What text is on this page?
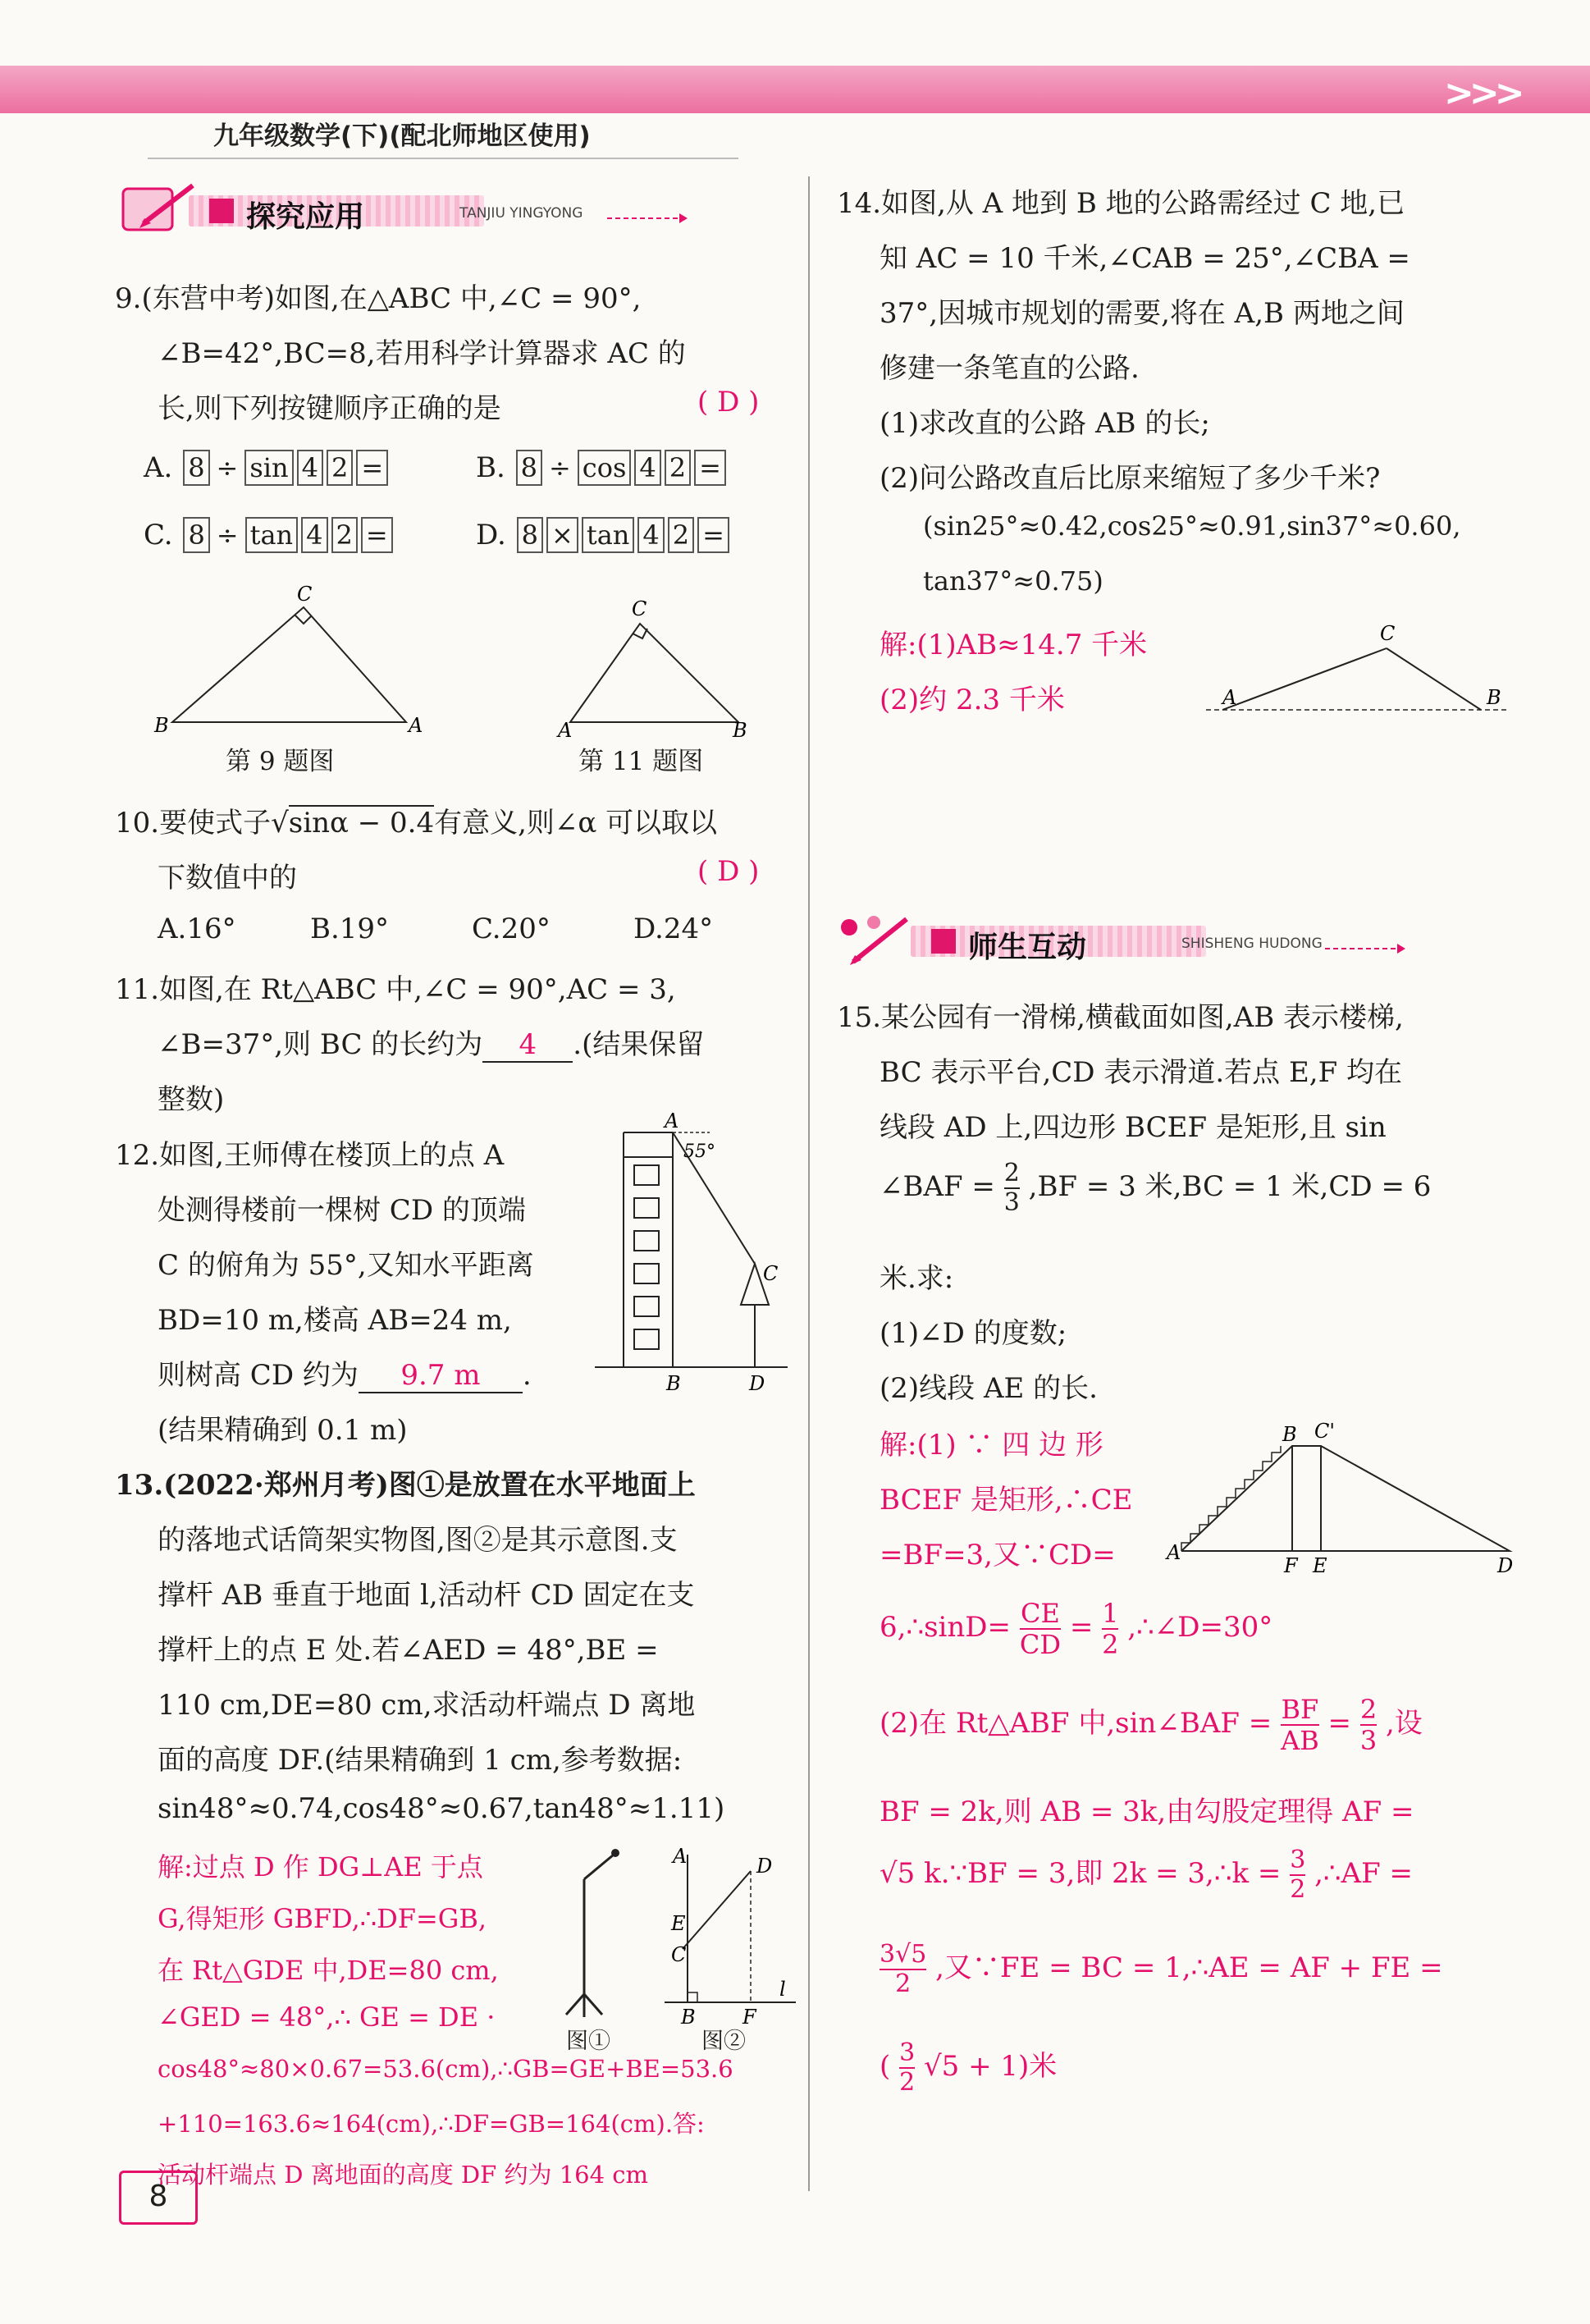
>>>
九年级数学(下)(配北师地区使用)
探究应用	TANJIU YINGYONG
9.(东营中考)如图,在△ABC 中,∠C = 90°,
∠B=42°,BC=8,若用科学计算器求 AC 的
长,则下列按键顺序正确的是	( D )
A. 8 ÷ sin 4 2 =	B. 8 ÷ cos 4 2 =
C. 8 ÷ tan 4 2 =	D. 8 × tan 4 2 =
B	A
C
第 9 题图
A	B
C
第 11 题图
10.要使式子√sinα − 0.4有意义,则∠α 可以取以
下数值中的	( D )
A.16°	B.19°	C.20°	D.24°
11.如图,在 Rt△ABC 中,∠C = 90°,AC = 3,
∠B=37°,则 BC 的长约为 4 .(结果保留
整数)
12.如图,王师傅在楼顶上的点 A
处测得楼前一棵树 CD 的顶端
C 的俯角为 55°,又知水平距离
BD=10 m,楼高 AB=24 m,
则树高 CD 约为 9.7 m .
(结果精确到 0.1 m)
A
55°
C
B	D
13.(2022·郑州月考)图①是放置在水平地面上
的落地式话筒架实物图,图②是其示意图.支
撑杆 AB 垂直于地面 l,活动杆 CD 固定在支
撑杆上的点 E 处.若∠AED = 48°,BE =
110 cm,DE=80 cm,求活动杆端点 D 离地
面的高度 DF.(结果精确到 1 cm,参考数据:
sin48°≈0.74,cos48°≈0.67,tan48°≈1.11)
解:过点 D 作 DG⊥AE 于点
G,得矩形 GBFD,∴DF=GB,
在 Rt△GDE 中,DE=80 cm,
∠GED = 48°,∴ GE = DE ·
cos48°≈80×0.67=53.6(cm),∴GB=GE+BE=53.6
+110=163.6≈164(cm),∴DF=GB=164(cm).答:
活动杆端点 D 离地面的高度 DF 约为 164 cm
图①
A	D
E
C
B F
l
图②
14.如图,从 A 地到 B 地的公路需经过 C 地,已
知 AC = 10 千米,∠CAB = 25°,∠CBA =
37°,因城市规划的需要,将在 A,B 两地之间
修建一条笔直的公路.
(1)求改直的公路 AB 的长;
(2)问公路改直后比原来缩短了多少千米?
(sin25°≈0.42,cos25°≈0.91,sin37°≈0.60,
tan37°≈0.75)
解:(1)AB≈14.7 千米
(2)约 2.3 千米	A	B
C
师生互动	SHISHENG HUDONG
15.某公园有一滑梯,横截面如图,AB 表示楼梯,
BC 表示平台,CD 表示滑道.若点 E,F 均在
线段 AD 上,四边形 BCEF 是矩形,且 sin
∠BAF = $\frac{2}{3} ,BF = 3$ 米,BC = 1 米,CD = 6
米.求:
(1)∠D 的度数;
(2)线段 AE 的长.
解:(1) ∵ 四 边 形
BCEF 是矩形,∴CE
=BF=3,又∵CD=
B C'
A
F E	D
6,∴sinD= $\frac{CE}{CD} = \frac{1}{2}$ ,∴∠D=30°
(2)在 Rt△ABF 中,sin∠BAF = $\frac{BF}{AB} = \frac{2}{3}$ ,设
BF = 2k,则 AB = 3k,由勾股定理得 AF =
√5 k.∵BF = 3,即 2k = 3,∴k = $\frac{3}{2}$ ,∴AF =
$\frac{3√5}{2}$ ,又∵FE = BC = 1,∴AE = AF + FE =
( $\frac{3}{2} √5 + 1$)米
8
